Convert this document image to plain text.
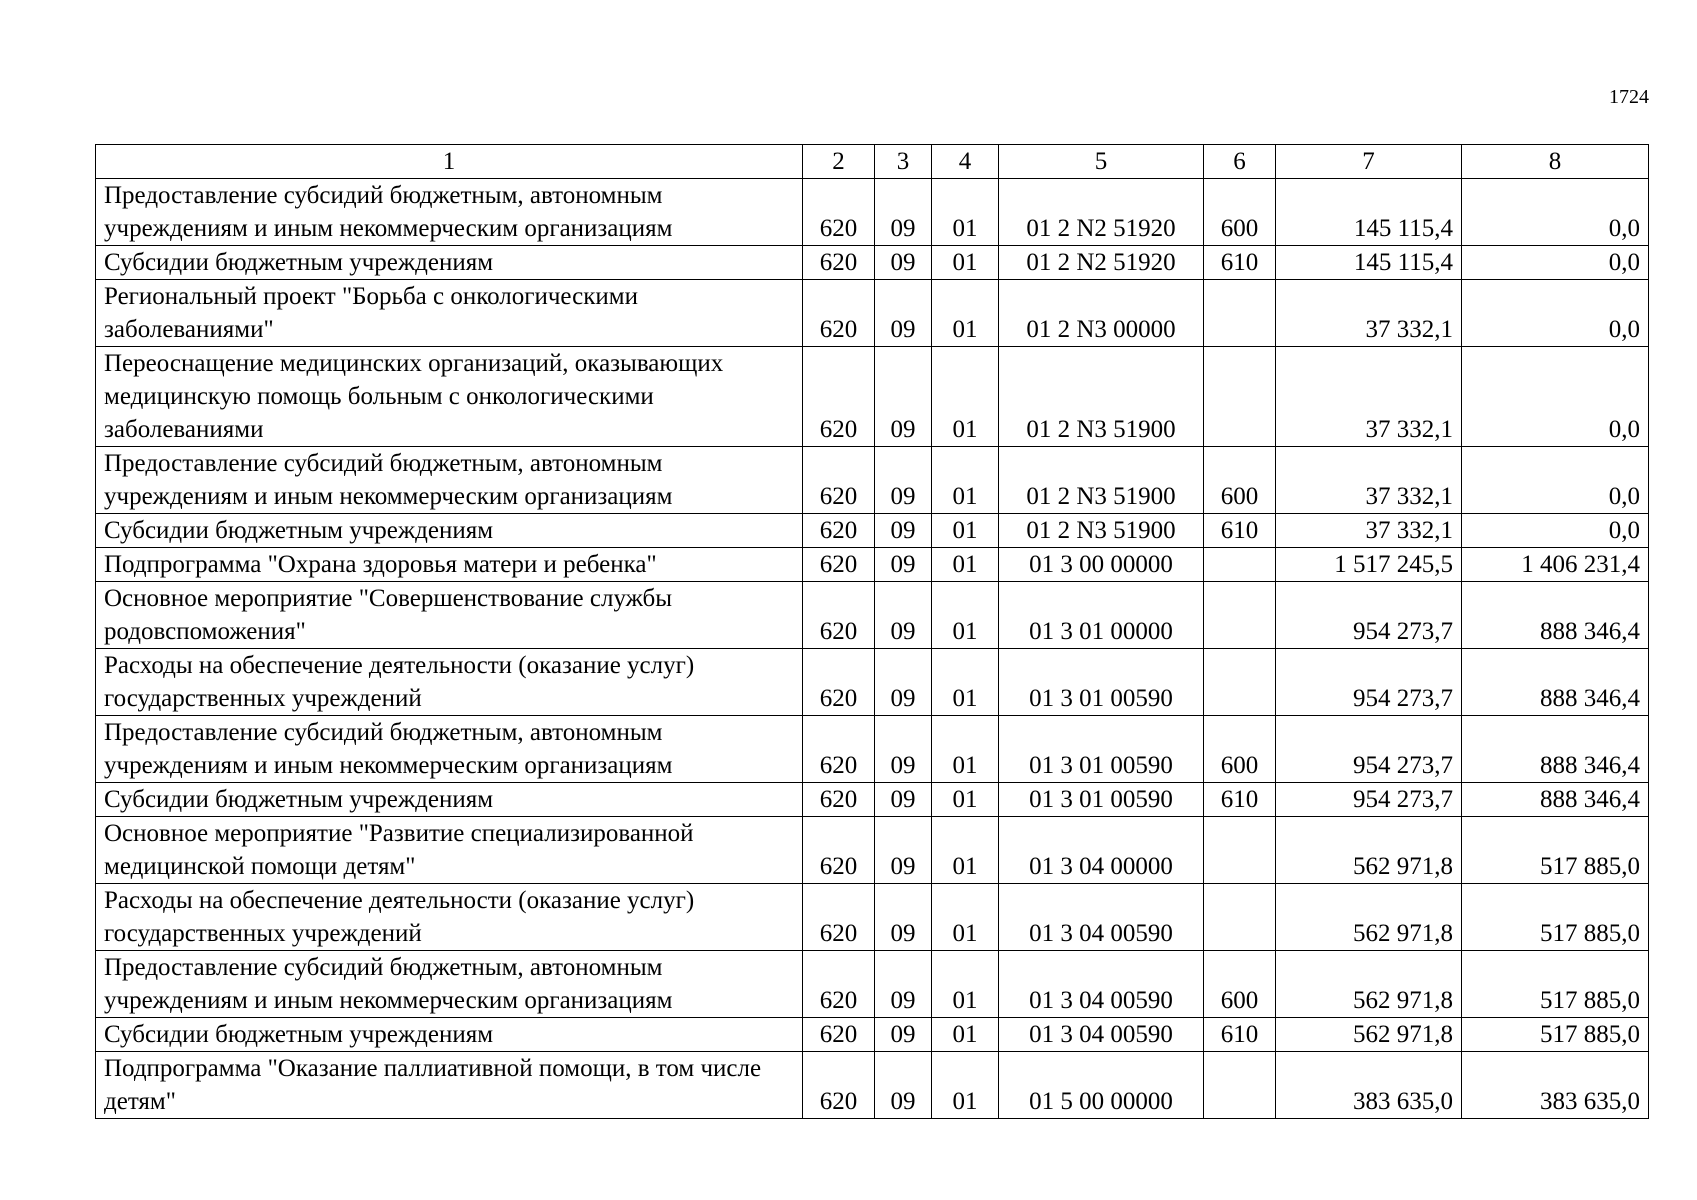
1724
1	2	3	4	5	6	7	8
Предоставление субсидий бюджетным, автономным учреждениям и иным некоммерческим организациям	620	09	01	01 2 N2 51920	600	145 115,4	0,0
Субсидии бюджетным учреждениям	620	09	01	01 2 N2 51920	610	145 115,4	0,0
Региональный проект "Борьба с онкологическими заболеваниями"	620	09	01	01 2 N3 00000		37 332,1	0,0
Переоснащение медицинских организаций, оказывающих медицинскую помощь больным с онкологическими заболеваниями	620	09	01	01 2 N3 51900		37 332,1	0,0
Предоставление субсидий бюджетным, автономным учреждениям и иным некоммерческим организациям	620	09	01	01 2 N3 51900	600	37 332,1	0,0
Субсидии бюджетным учреждениям	620	09	01	01 2 N3 51900	610	37 332,1	0,0
Подпрограмма "Охрана здоровья матери и ребенка"	620	09	01	01 3 00 00000		1 517 245,5	1 406 231,4
Основное мероприятие "Совершенствование службы родовспоможения"	620	09	01	01 3 01 00000		954 273,7	888 346,4
Расходы на обеспечение деятельности (оказание услуг) государственных учреждений	620	09	01	01 3 01 00590		954 273,7	888 346,4
Предоставление субсидий бюджетным, автономным учреждениям и иным некоммерческим организациям	620	09	01	01 3 01 00590	600	954 273,7	888 346,4
Субсидии бюджетным учреждениям	620	09	01	01 3 01 00590	610	954 273,7	888 346,4
Основное мероприятие "Развитие специализированной медицинской помощи детям"	620	09	01	01 3 04 00000		562 971,8	517 885,0
Расходы на обеспечение деятельности (оказание услуг) государственных учреждений	620	09	01	01 3 04 00590		562 971,8	517 885,0
Предоставление субсидий бюджетным, автономным учреждениям и иным некоммерческим организациям	620	09	01	01 3 04 00590	600	562 971,8	517 885,0
Субсидии бюджетным учреждениям	620	09	01	01 3 04 00590	610	562 971,8	517 885,0
Подпрограмма "Оказание паллиативной помощи, в том числе детям"	620	09	01	01 5 00 00000		383 635,0	383 635,0
